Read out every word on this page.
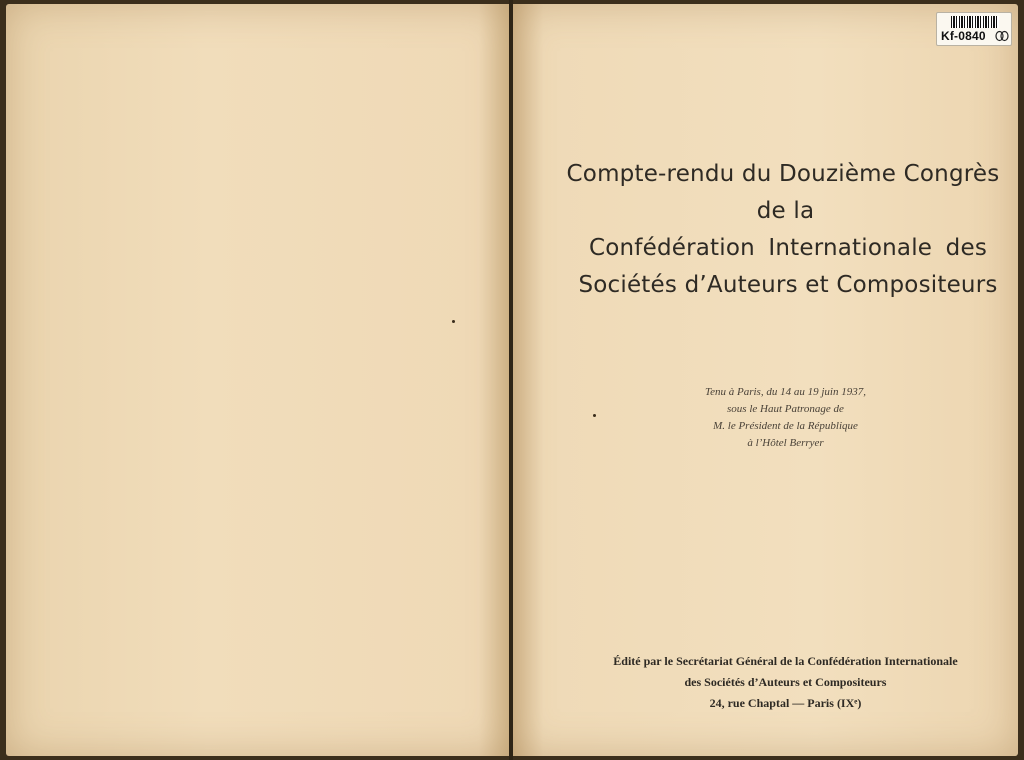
Compte-rendu du Douzième Congrès
de la
Confédération Internationale des
Sociétés d’Auteurs et Compositeurs
Tenu à Paris, du 14 au 19 juin 1937,
sous le Haut Patronage de
M. le Président de la République
à l’Hôtel Berryer
Édité par le Secrétariat Général de la Confédération Internationale
des Sociétés d’Auteurs et Compositeurs
24, rue Chaptal — Paris (IXᵉ)
Kf-0840
